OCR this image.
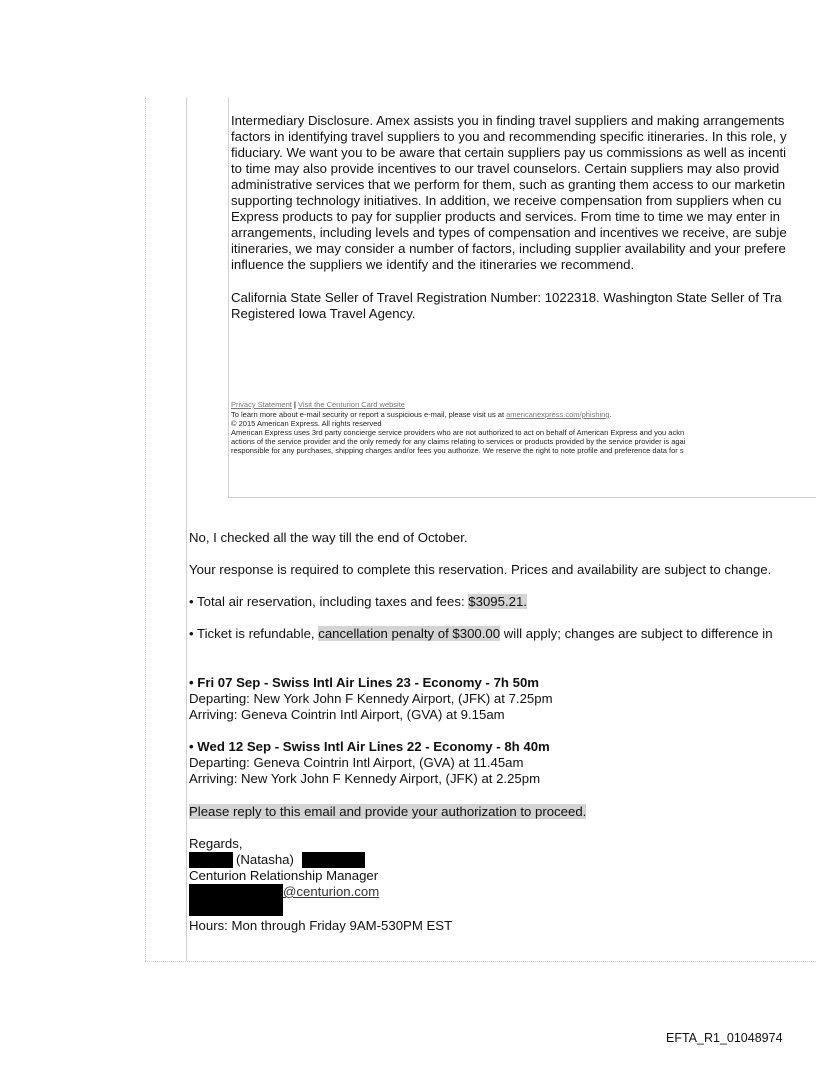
Intermediary Disclosure. Amex assists you in finding travel suppliers and making arrangements
factors in identifying travel suppliers to you and recommending specific itineraries. In this role, y
fiduciary. We want you to be aware that certain suppliers pay us commissions as well as incenti
to time may also provide incentives to our travel counselors. Certain suppliers may also provid
administrative services that we perform for them, such as granting them access to our marketin
supporting technology initiatives. In addition, we receive compensation from suppliers when cu
Express products to pay for supplier products and services. From time to time we may enter in
arrangements, including levels and types of compensation and incentives we receive, are subje
itineraries, we may consider a number of factors, including supplier availability and your prefere
influence the suppliers we identify and the itineraries we recommend.
California State Seller of Travel Registration Number: 1022318. Washington State Seller of Tra
Registered Iowa Travel Agency.
Privacy Statement | Visit the Centurion Card website
To learn more about e-mail security or report a suspicious e-mail, please visit us at americanexpress.com/phishing.
© 2015 American Express. All rights reserved
American Express uses 3rd party concierge service providers who are not authorized to act on behalf of American Express and you ackn
actions of the service provider and the only remedy for any claims relating to services or products provided by the service provider is agai
responsible for any purchases, shipping charges and/or fees you authorize. We reserve the right to note profile and preference data for s
No, I checked all the way till the end of October.
Your response is required to complete this reservation. Prices and availability are subject to change.
• Total air reservation, including taxes and fees: $3095.21.
• Ticket is refundable, cancellation penalty of $300.00 will apply; changes are subject to difference in
• Fri 07 Sep - Swiss Intl Air Lines 23 - Economy - 7h 50m
Departing: New York John F Kennedy Airport, (JFK) at 7.25pm
Arriving: Geneva Cointrin Intl Airport, (GVA) at 9.15am
• Wed 12 Sep - Swiss Intl Air Lines 22 - Economy - 8h 40m
Departing: Geneva Cointrin Intl Airport, (GVA) at 11.45am
Arriving: New York John F Kennedy Airport, (JFK) at 2.25pm
Please reply to this email and provide your authorization to proceed.
Regards,
(Natasha)
Centurion Relationship Manager
@centurion.com
Hours: Mon through Friday 9AM-530PM EST
EFTA_R1_01048974
